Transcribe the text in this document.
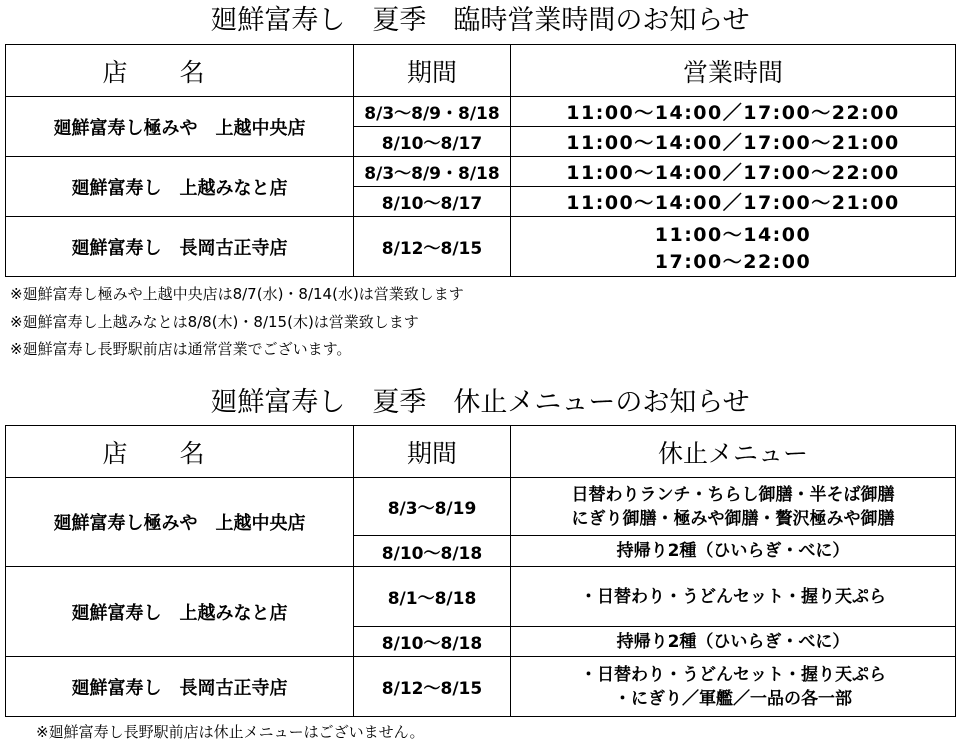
廻鮮富寿し　夏季　臨時営業時間のお知らせ
店名	期間	営業時間
廻鮮富寿し極みや　上越中央店	8/3～8/9・8/18	11:00～14:00／17:00～22:00
	8/10～8/17	11:00～14:00／17:00～21:00
廻鮮富寿し　上越みなと店	8/3～8/9・8/18	11:00～14:00／17:00～22:00
	8/10～8/17	11:00～14:00／17:00～21:00
廻鮮富寿し　長岡古正寺店	8/12～8/15	11:00～14:00
17:00～22:00
※廻鮮富寿し極みや上越中央店は8/7(水)・8/14(水)は営業致します
※廻鮮富寿し上越みなとは8/8(木)・8/15(木)は営業致します
※廻鮮富寿し長野駅前店は通常営業でございます。
廻鮮富寿し　夏季　休止メニューのお知らせ
店名	期間	休止メニュー
廻鮮富寿し極みや　上越中央店	8/3～8/19	日替わりランチ・ちらし御膳・半そば御膳
にぎり御膳・極みや御膳・贅沢極みや御膳

	8/10～8/18	持帰り2種（ひいらぎ・べに）

廻鮮富寿し　上越みなと店	8/1～8/18	・日替わり・うどんセット・握り天ぷら

	8/10～8/18	持帰り2種（ひいらぎ・べに）

廻鮮富寿し　長岡古正寺店	8/12～8/15	・日替わり・うどんセット・握り天ぷら
・にぎり／軍艦／一品の各一部
※廻鮮富寿し長野駅前店は休止メニューはございません。
